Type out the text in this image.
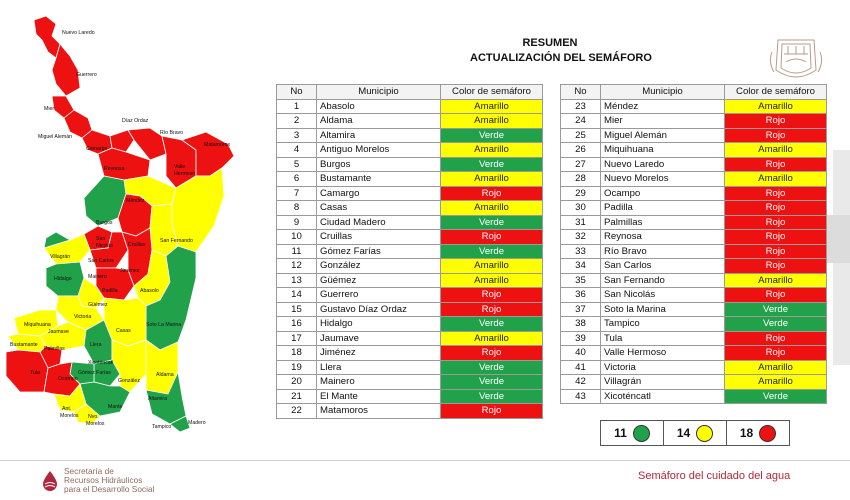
Nuevo Laredo
Guerrero
Mier
Miguel Alemán
Camargo
Díaz Ordaz
Río Bravo
Matamoros
Reynosa	Valle
Hermoso
Méndez
Burgos
Cruillas
San Fernando
San
Nicolás
San Carlos
Villagrán
Jiménez
Hidalgo	Mainero
Abasolo
Padilla
Güémez
Victoria
Miquihuana
Jaumave
Soto La Marina
Casas
Bustamante
Palmillas
Llera
Xicoténcatl
Gómez Farías
Tula
Ocampo	González
Aldama
Mante
Ant.
Morelos Nvo.
Morelos
Altamira
Tampico
Madero
RESUMEN
ACTUALIZACIÓN DEL SEMÁFORO
No	Municipio	Color de semáforo
1	Abasolo	Amarillo
2	Aldama	Amarillo
3	Altamira	Verde
4	Antiguo Morelos	Amarillo
5	Burgos	Verde
6	Bustamante	Amarillo
7	Camargo	Rojo
8	Casas	Amarillo
9	Ciudad Madero	Verde
10	Cruillas	Rojo
11	Gómez Farías	Verde
12	González	Amarillo
13	Güémez	Amarillo
14	Guerrero	Rojo
15	Gustavo Díaz Ordaz	Rojo
16	Hidalgo	Verde
17	Jaumave	Amarillo
18	Jiménez	Rojo
19	Llera	Verde
20	Mainero	Verde
21	El Mante	Verde
22	Matamoros	Rojo
No	Municipio	Color de semáforo
23	Méndez	Amarillo
24	Mier	Rojo
25	Miguel Alemán	Rojo
26	Miquihuana	Amarillo
27	Nuevo Laredo	Rojo
28	Nuevo Morelos	Amarillo
29	Ocampo	Rojo
30	Padilla	Rojo
31	Palmillas	Rojo
32	Reynosa	Rojo
33	Río Bravo	Rojo
34	San Carlos	Rojo
35	San Fernando	Amarillo
36	San Nicolás	Rojo
37	Soto la Marina	Verde
38	Tampico	Verde
39	Tula	Rojo
40	Valle Hermoso	Rojo
41	Victoria	Amarillo
42	Villagrán	Amarillo
43	Xicoténcatl	Verde
11	14	18
Secretaría de
Recursos Hidráulicos
para el Desarrollo Social
Semáforo del cuidado del agua
